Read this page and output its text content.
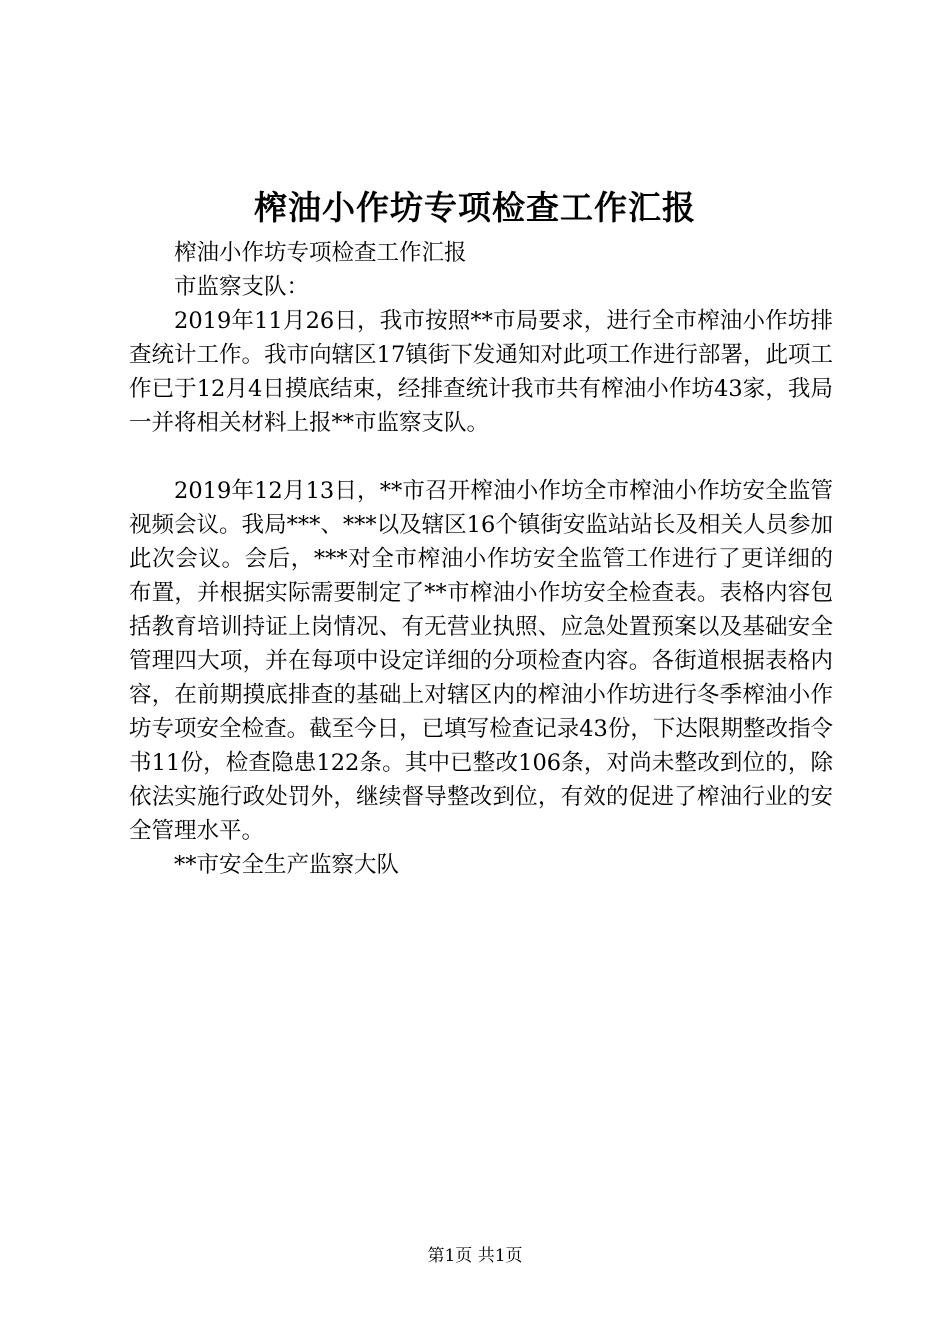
榨油小作坊专项检查工作汇报

榨油小作坊专项检查工作汇报

市监察支队：

2019年11月26日，我市按照**市局要求，进行全市榨油小作坊排查统计工作。我市向辖区17镇街下发通知对此项工作进行部署，此项工作已于12月4日摸底结束，经排查统计我市共有榨油小作坊43家，我局一并将相关材料上报**市监察支队。

2019年12月13日，**市召开榨油小作坊全市榨油小作坊安全监管视频会议。我局***、***以及辖区16个镇街安监站站长及相关人员参加此次会议。会后，***对全市榨油小作坊安全监管工作进行了更详细的布置，并根据实际需要制定了**市榨油小作坊安全检查表。表格内容包括教育培训持证上岗情况、有无营业执照、应急处置预案以及基础安全管理四大项，并在每项中设定详细的分项检查内容。各街道根据表格内容，在前期摸底排查的基础上对辖区内的榨油小作坊进行冬季榨油小作坊专项安全检查。截至今日，已填写检查记录43份，下达限期整改指令书11份，检查隐患122条。其中已整改106条，对尚未整改到位的，除依法实施行政处罚外，继续督导整改到位，有效的促进了榨油行业的安全管理水平。

**市安全生产监察大队

第1页 共1页
